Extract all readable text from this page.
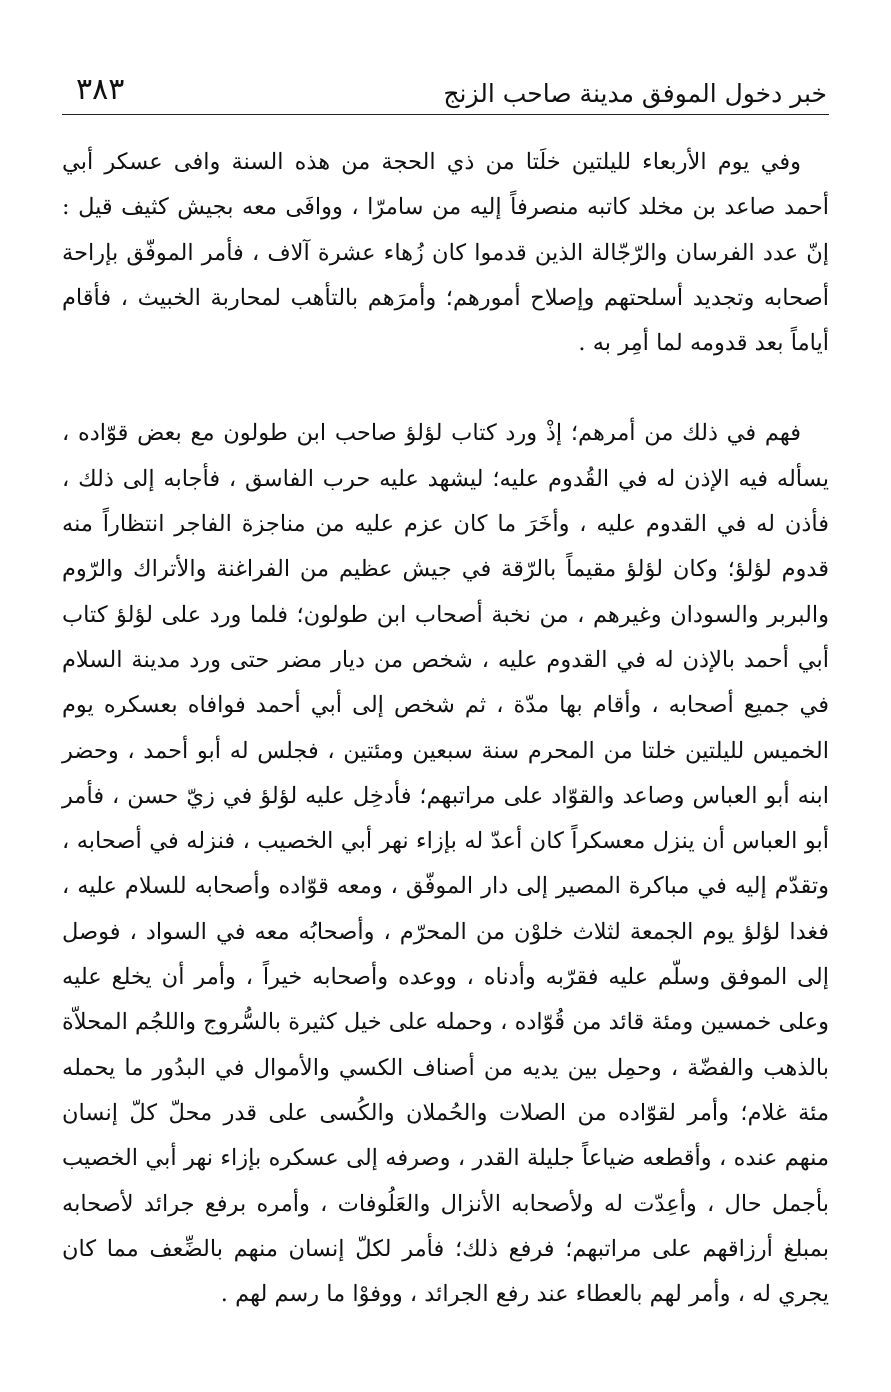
خبر دخول الموفق مدينة صاحب الزنج
٣٨٣

وفي يوم الأربعاء لليلتين خلَتا من ذي الحجة من هذه السنة وافى عسكر أبي أحمد صاعد بن مخلد كاتبه منصرفاً إليه من سامرّا ، ووافَى معه بجيش كثيف قيل : إنّ عدد الفرسان والرّجّالة الذين قدموا كان زُهاء عشرة آلاف ، فأمر الموفّق بإراحة أصحابه وتجديد أسلحتهم وإصلاح أمورهم؛ وأمرَهم بالتأهب لمحاربة الخبيث ، فأقام أياماً بعد قدومه لما أمِر به .

فهم في ذلك من أمرهم؛ إذْ ورد كتاب لؤلؤ صاحب ابن طولون مع بعض قوّاده ، يسأله فيه الإذن له في القُدوم عليه؛ ليشهد عليه حرب الفاسق ، فأجابه إلى ذلك ، فأذن له في القدوم عليه ، وأخَرَ ما كان عزم عليه من مناجزة الفاجر انتظاراً منه قدوم لؤلؤ؛ وكان لؤلؤ مقيماً بالرّقة في جيش عظيم من الفراغنة والأتراك والرّوم والبربر والسودان وغيرهم ، من نخبة أصحاب ابن طولون؛ فلما ورد على لؤلؤ كتاب أبي أحمد بالإذن له في القدوم عليه ، شخص من ديار مضر حتى ورد مدينة السلام في جميع أصحابه ، وأقام بها مدّة ، ثم شخص إلى أبي أحمد فوافاه بعسكره يوم الخميس لليلتين خلتا من المحرم سنة سبعين ومئتين ، فجلس له أبو أحمد ، وحضر ابنه أبو العباس وصاعد والقوّاد على مراتبهم؛ فأدخِل عليه لؤلؤ في زيّ حسن ، فأمر أبو العباس أن ينزل معسكراً كان أعدّ له بإزاء نهر أبي الخصيب ، فنزله في أصحابه ، وتقدّم إليه في مباكرة المصير إلى دار الموفّق ، ومعه قوّاده وأصحابه للسلام عليه ، فغدا لؤلؤ يوم الجمعة لثلاث خلوْن من المحرّم ، وأصحابُه معه في السواد ، فوصل إلى الموفق وسلّم عليه فقرّبه وأدناه ، ووعده وأصحابه خيراً ، وأمر أن يخلع عليه وعلى خمسين ومئة قائد من قُوّاده ، وحمله على خيل كثيرة بالسُّروج واللجُم المحلاّة بالذهب والفضّة ، وحمِل بين يديه من أصناف الكسي والأموال في البدُور ما يحمله مئة غلام؛ وأمر لقوّاده من الصلات والحُملان والكُسى على قدر محلّ كلّ إنسان منهم عنده ، وأقطعه ضياعاً جليلة القدر ، وصرفه إلى عسكره بإزاء نهر أبي الخصيب بأجمل حال ، وأعِدّت له ولأصحابه الأنزال والعَلُوفات ، وأمره برفع جرائد لأصحابه بمبلغ أرزاقهم على مراتبهم؛ فرفع ذلك؛ فأمر لكلّ إنسان منهم بالضِّعف مما كان يجري له ، وأمر لهم بالعطاء عند رفع الجرائد ، ووفوْا ما رسم لهم .
